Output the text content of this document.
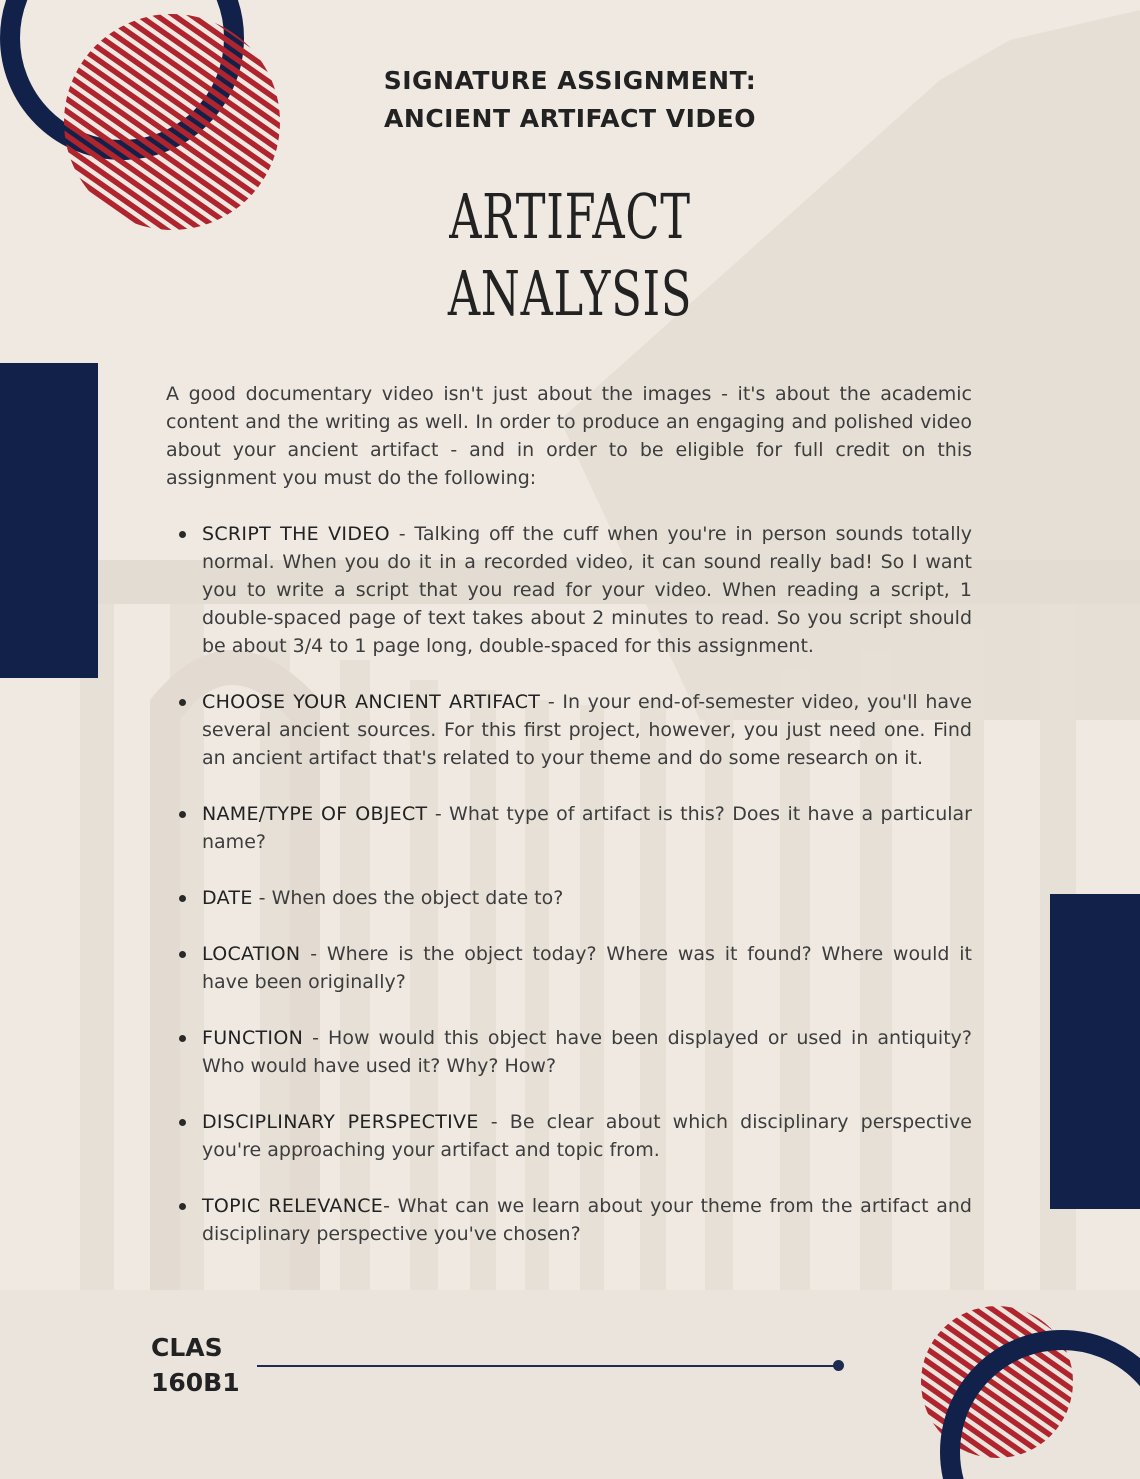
SIGNATURE ASSIGNMENT:
ANCIENT ARTIFACT VIDEO
ARTIFACT
ANALYSIS

A good documentary video isn't just about the images - it's about the academic content and the writing as well. In order to produce an engaging and polished video about your ancient artifact - and in order to be eligible for full credit on this assignment you must do the following:

SCRIPT THE VIDEO - Talking off the cuff when you're in person sounds totally normal. When you do it in a recorded video, it can sound really bad! So I want you to write a script that you read for your video. When reading a script, 1 double-spaced page of text takes about 2 minutes to read. So you script should be about 3/4 to 1 page long, double-spaced for this assignment.
CHOOSE YOUR ANCIENT ARTIFACT - In your end-of-semester video, you'll have several ancient sources. For this first project, however, you just need one. Find an ancient artifact that's related to your theme and do some research on it.
NAME/TYPE OF OBJECT - What type of artifact is this? Does it have a particular name?
DATE - When does the object date to?
LOCATION - Where is the object today? Where was it found? Where would it have been originally?
FUNCTION - How would this object have been displayed or used in antiquity? Who would have used it? Why? How?
DISCIPLINARY PERSPECTIVE - Be clear about which disciplinary perspective you're approaching your artifact and topic from.
TOPIC RELEVANCE- What can we learn about your theme from the artifact and disciplinary perspective you've chosen?
CLAS
160B1
